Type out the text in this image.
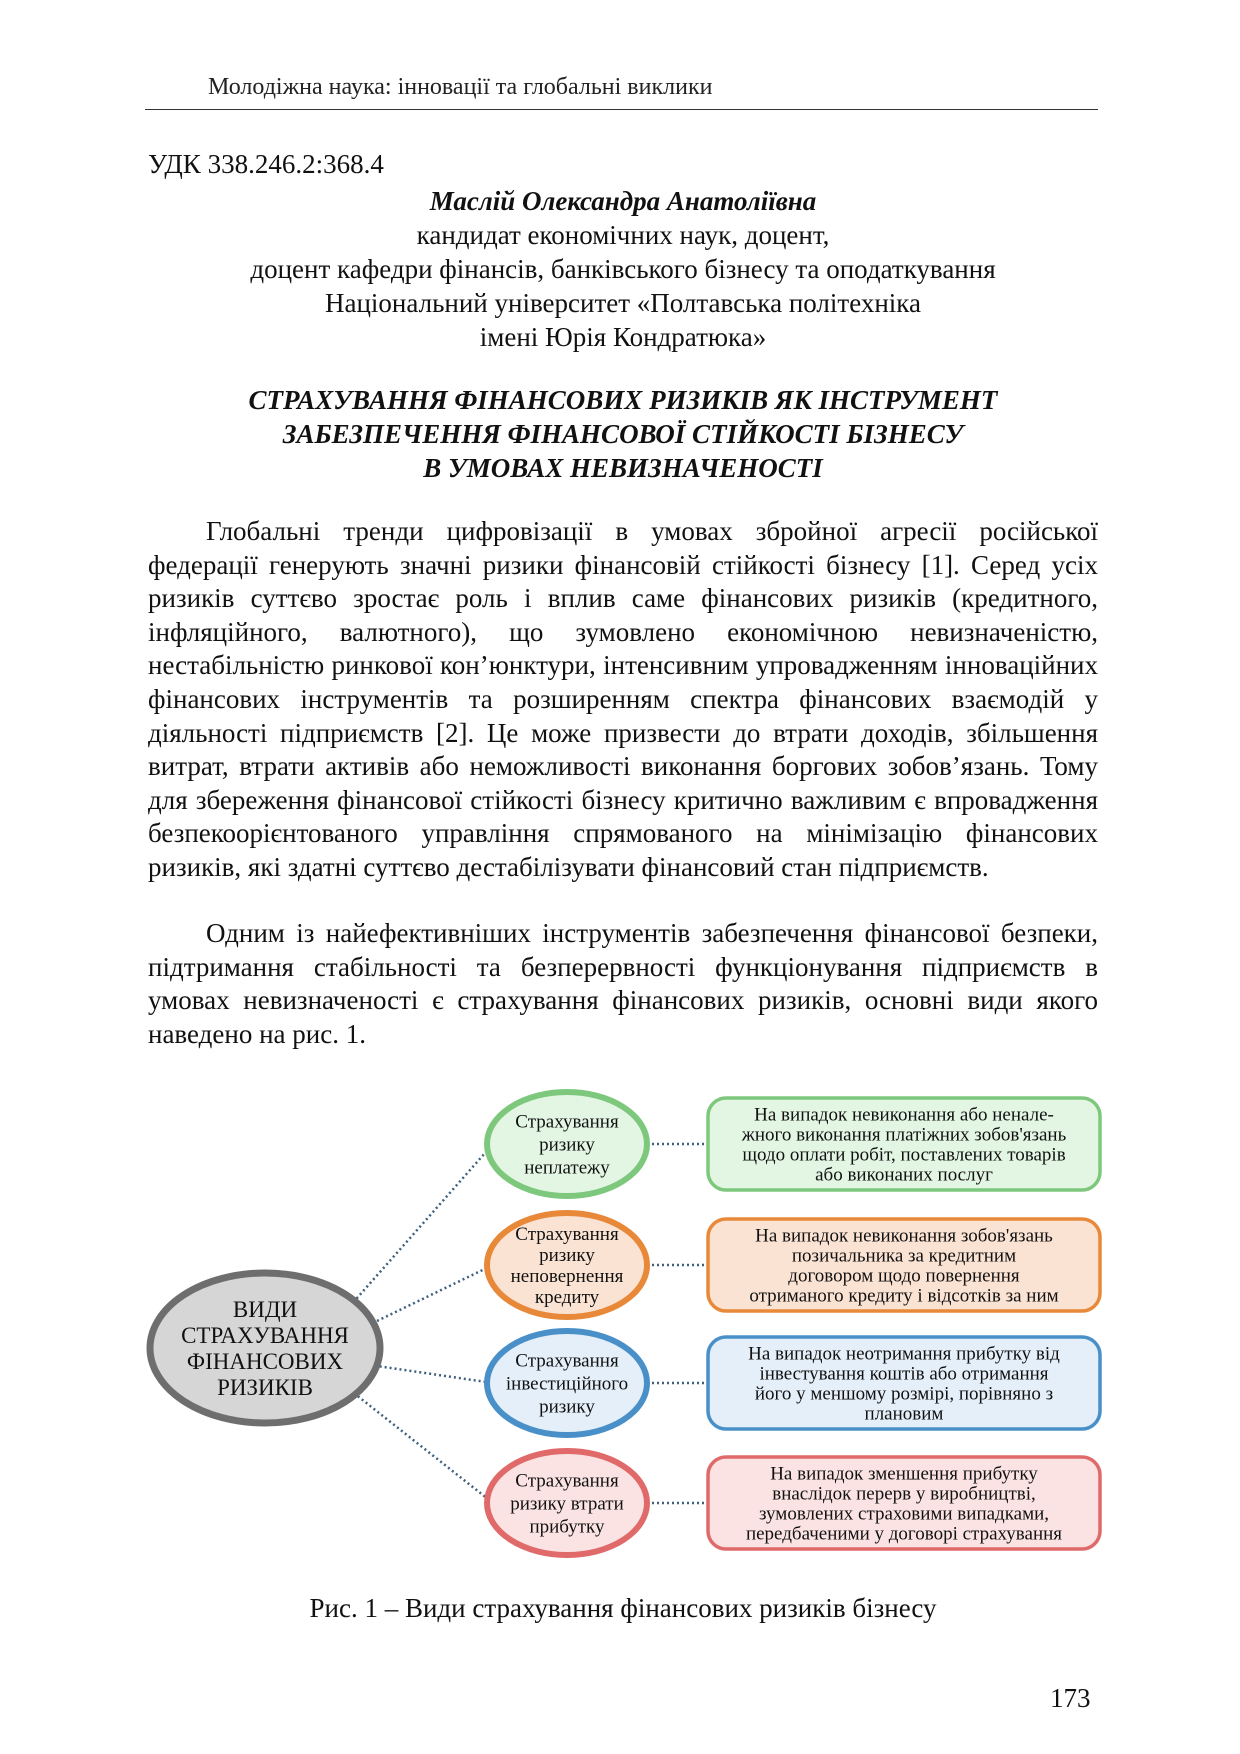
Молодіжна наука: інновації та глобальні виклики
УДК 338.246.2:368.4
Маслій Олександра Анатоліївна
кандидат економічних наук, доцент,
доцент кафедри фінансів, банківського бізнесу та оподаткування
Національний університет «Полтавська політехніка
імені Юрія Кондратюка»
СТРАХУВАННЯ ФІНАНСОВИХ РИЗИКІВ ЯК ІНСТРУМЕНТ
ЗАБЕЗПЕЧЕННЯ ФІНАНСОВОЇ СТІЙКОСТІ БІЗНЕСУ
В УМОВАХ НЕВИЗНАЧЕНОСТІ

Глобальні тренди цифровізації в умовах збройної агресії російської федерації генерують значні ризики фінансовій стійкості бізнесу [1]. Серед усіх ризиків суттєво зростає роль і вплив саме фінансових ризиків (кредитного, інфляційного, валютного), що зумовлено економічною невизначеністю, нестабільністю ринкової кон’юнктури, інтенсивним упровадженням інноваційних фінансових інструментів та розширенням спектра фінансових взаємодій у діяльності підприємств [2]. Це може призвести до втрати доходів, збільшення витрат, втрати активів або неможливості виконання боргових зобов’язань. Тому для збереження фінансової стійкості бізнесу критично важливим є впровадження безпекоорієнтованого управління спрямованого на мінімізацію фінансових ризиків, які здатні суттєво дестабілізувати фінансовий стан підприємств.

Одним із найефективніших інструментів забезпечення фінансової безпеки, підтримання стабільності та безперервності функціонування підприємств в умовах невизначеності є страхування фінансових ризиків, основні види якого наведено на рис. 1.

ВИДИ СТРАХУВАННЯ ФІНАНСОВИХ РИЗИКІВ
Страхування ризику неплатежу
На випадок невиконання або ненале-жного виконання платіжних зобов'язань щодо оплати робіт, поставлених товарів або виконаних послуг
Страхування ризику неповернення кредиту
На випадок невиконання зобов'язань позичальника за кредитним договором щодо повернення отриманого кредиту і відсотків за ним
Страхування інвестиційного ризику
На випадок неотримання прибутку від інвестування коштів або отримання його у меншому розмірі, порівняно з плановим
Страхування ризику втрати прибутку
На випадок зменшення прибутку внаслідок перерв у виробництві, зумовлених страховими випадками, передбаченими у договорі страхування
Рис. 1 – Види страхування фінансових ризиків бізнесу
173
